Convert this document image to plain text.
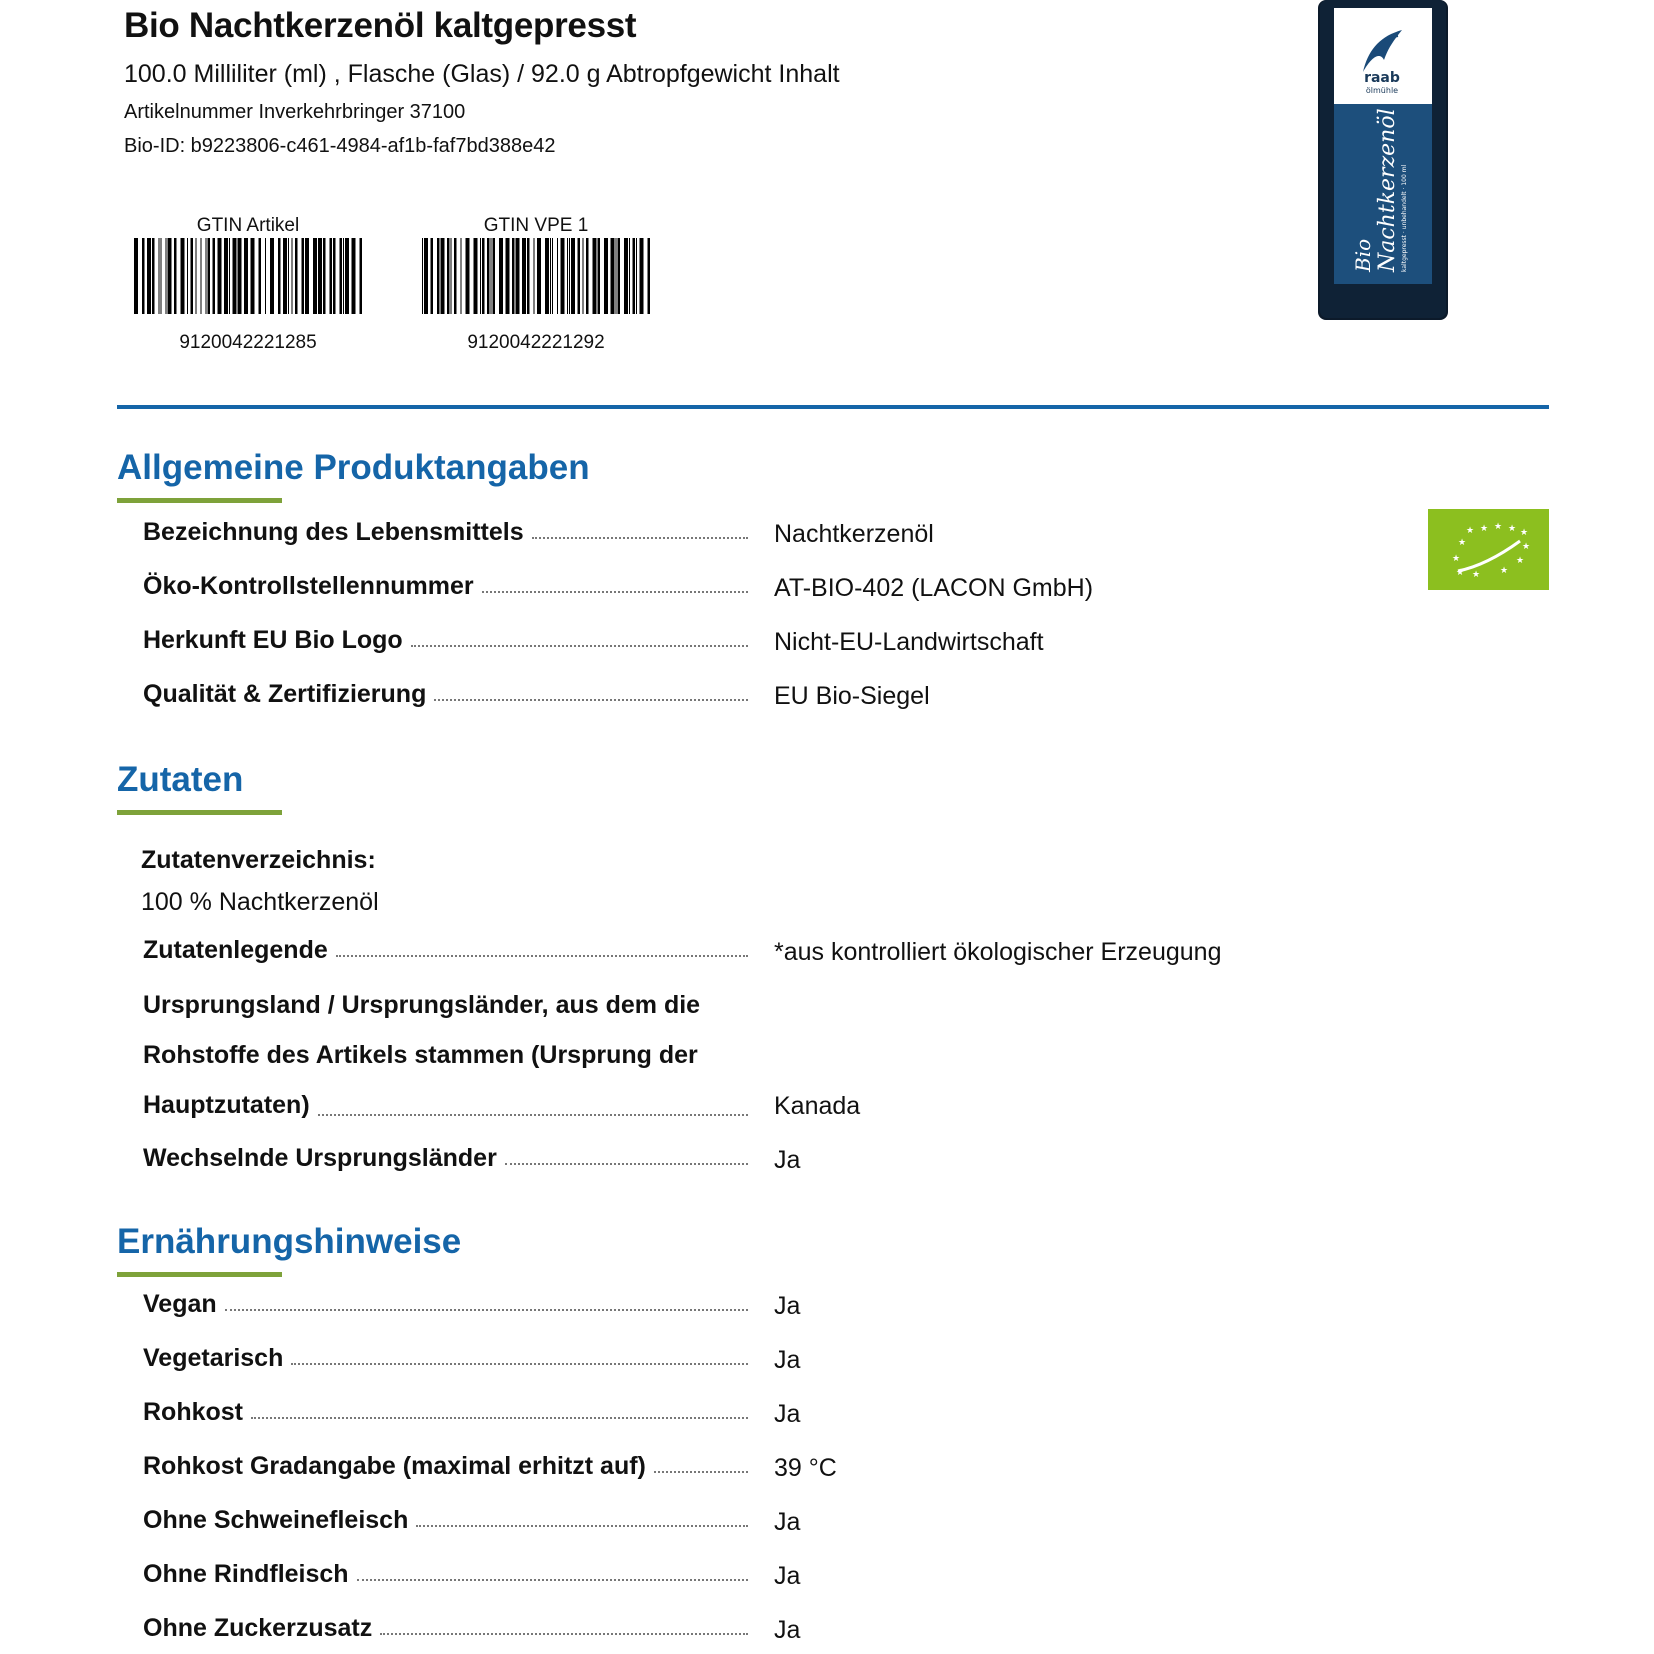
Bio Nachtkerzenöl kaltgepresst
100.0 Milliliter (ml) , Flasche (Glas) / 92.0 g Abtropfgewicht Inhalt
Artikelnummer Inverkehrbringer 37100
Bio-ID: b9223806-c461-4984-af1b-faf7bd388e42
GTIN Artikel
9120042221285
GTIN VPE 1
9120042221292
raab
ölmühle
Bio Nachtkerzenöl kaltgepresst · unbehandelt · 100 ml
Allgemeine Produktangaben
Bezeichnung des Lebensmittels	Nachtkerzenöl
Öko-Kontrollstellennummer	AT-BIO-402 (LACON GmbH)
Herkunft EU Bio Logo	Nicht-EU-Landwirtschaft
Qualität & Zertifizierung	EU Bio-Siegel
★ ★ ★ ★ ★
★	★
★	★
★ ★ ★
Zutaten
Zutatenverzeichnis:
100 % Nachtkerzenöl
Zutatenlegende	*aus kontrolliert ökologischer Erzeugung
Ursprungsland / Ursprungsländer, aus dem die
Rohstoffe des Artikels stammen (Ursprung der
Hauptzutaten)	Kanada
Wechselnde Ursprungsländer	Ja
Ernährungshinweise
Vegan	Ja
Vegetarisch	Ja
Rohkost	Ja
Rohkost Gradangabe (maximal erhitzt auf)	39 °C
Ohne Schweinefleisch	Ja
Ohne Rindfleisch	Ja
Ohne Zuckerzusatz	Ja
